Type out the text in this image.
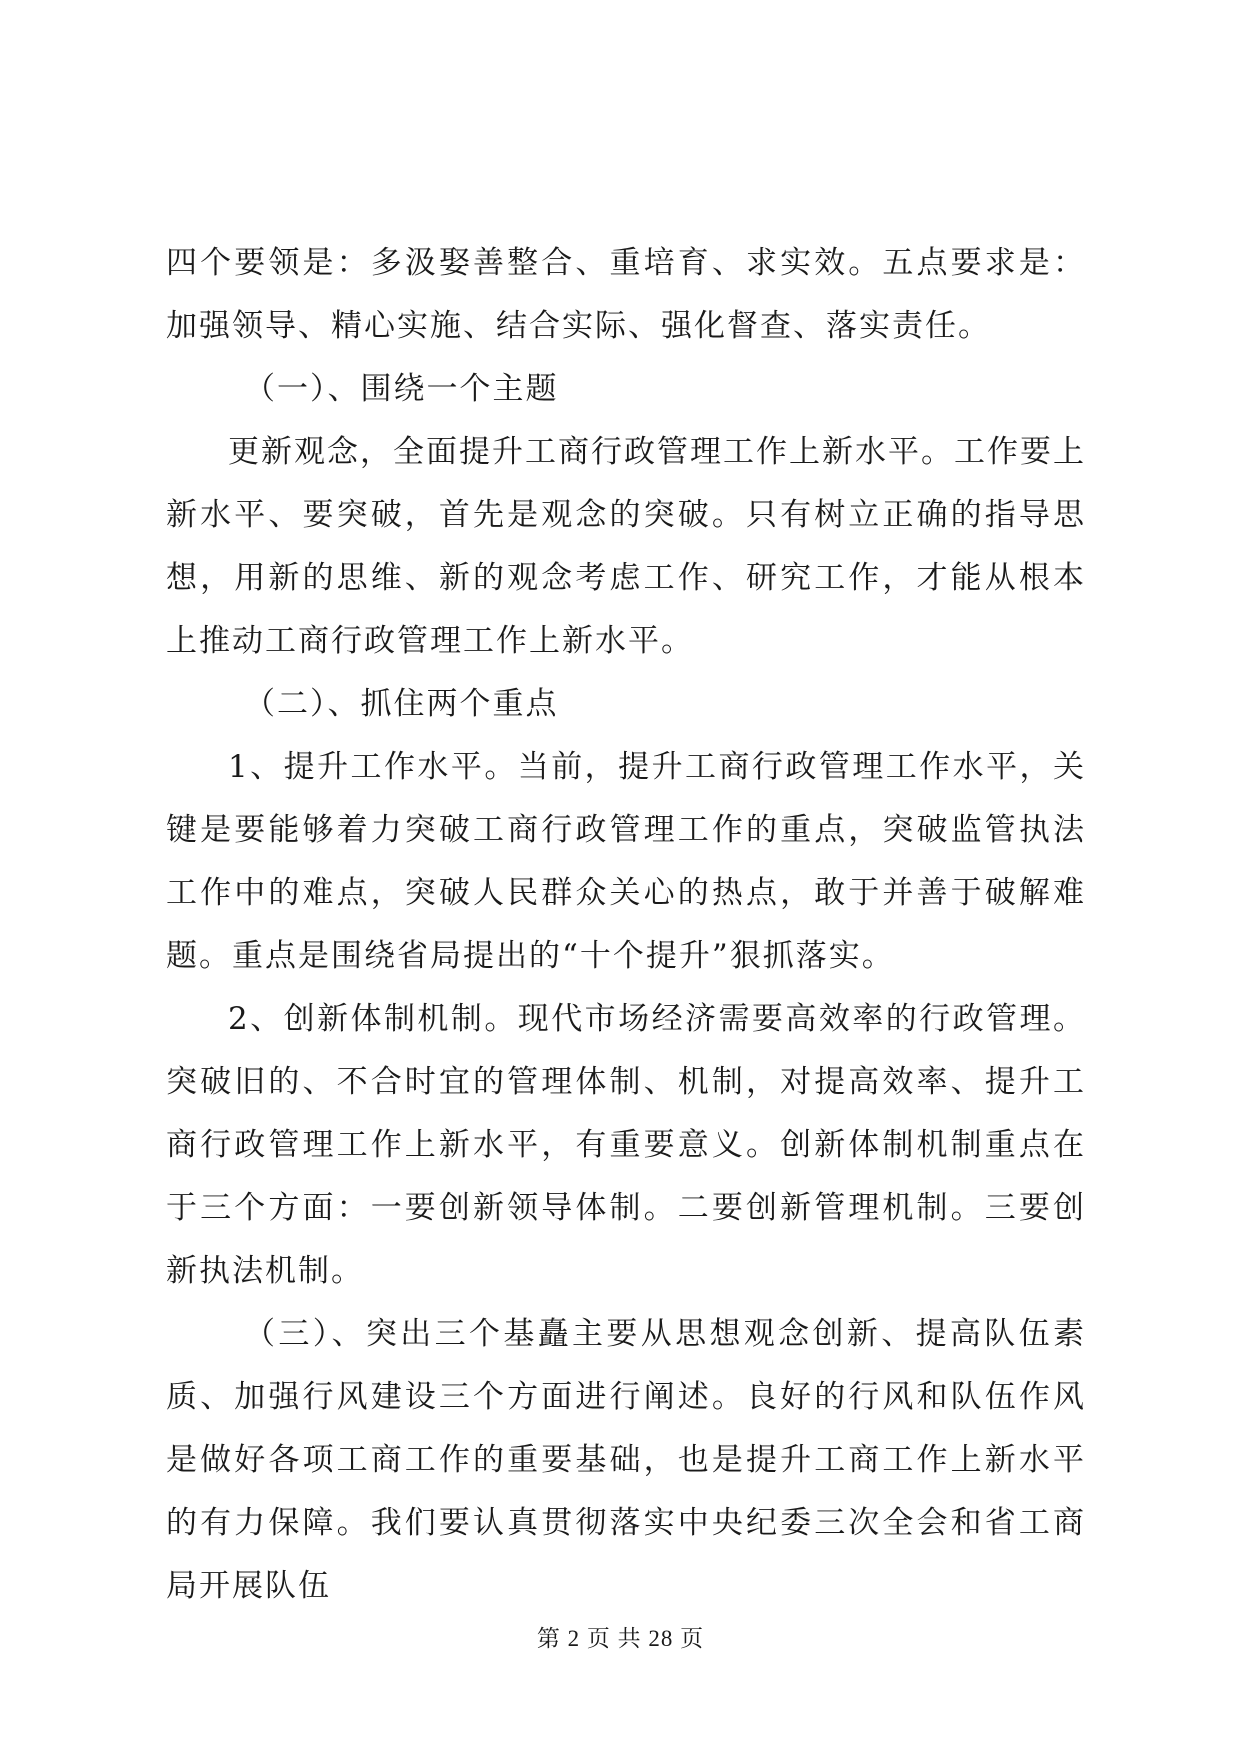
四个要领是：多汲娶善整合、重培育、求实效。五点要求是：加强领导、精心实施、结合实际、强化督查、落实责任。

（一）、围绕一个主题

更新观念，全面提升工商行政管理工作上新水平。工作要上新水平、要突破，首先是观念的突破。只有树立正确的指导思想，用新的思维、新的观念考虑工作、研究工作，才能从根本上推动工商行政管理工作上新水平。

（二）、抓住两个重点

1、提升工作水平。当前，提升工商行政管理工作水平，关键是要能够着力突破工商行政管理工作的重点，突破监管执法工作中的难点，突破人民群众关心的热点，敢于并善于破解难题。重点是围绕省局提出的“十个提升”狠抓落实。

2、创新体制机制。现代市场经济需要高效率的行政管理。突破旧的、不合时宜的管理体制、机制，对提高效率、提升工商行政管理工作上新水平，有重要意义。创新体制机制重点在于三个方面：一要创新领导体制。二要创新管理机制。三要创新执法机制。

（三）、突出三个基矗主要从思想观念创新、提高队伍素质、加强行风建设三个方面进行阐述。良好的行风和队伍作风是做好各项工商工作的重要基础，也是提升工商工作上新水平的有力保障。我们要认真贯彻落实中央纪委三次全会和省工商局开展队伍

第 2 页 共 28 页
